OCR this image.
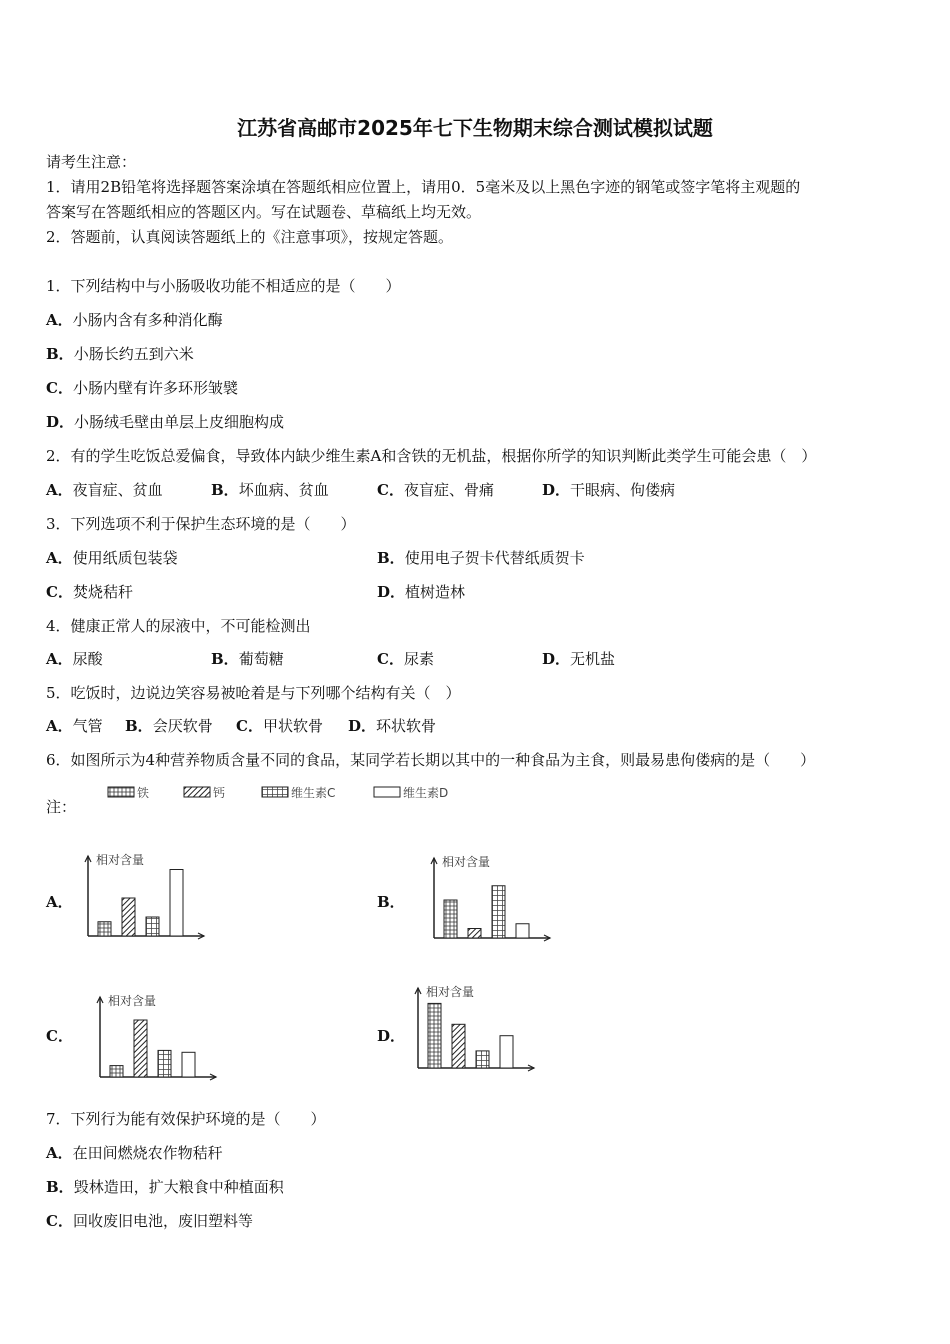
江苏省高邮市2025年七下生物期末综合测试模拟试题
请考生注意：
1．请用2B铅笔将选择题答案涂填在答题纸相应位置上，请用0．5毫米及以上黑色字迹的钢笔或签字笔将主观题的
答案写在答题纸相应的答题区内。写在试题卷、草稿纸上均无效。
2．答题前，认真阅读答题纸上的《注意事项》，按规定答题。
1．下列结构中与小肠吸收功能不相适应的是（　　）
A．小肠内含有多种消化酶
B．小肠长约五到六米
C．小肠内壁有许多环形皱襞
D．小肠绒毛壁由单层上皮细胞构成
2．有的学生吃饭总爱偏食，导致体内缺少维生素A和含铁的无机盐，根据你所学的知识判断此类学生可能会患（　）
A．夜盲症、贫血	B．坏血病、贫血	C．夜盲症、骨痛	D．干眼病、佝偻病
3．下列选项不利于保护生态环境的是（　　）
A．使用纸质包装袋	B．使用电子贺卡代替纸质贺卡
C．焚烧秸秆	D．植树造林
4．健康正常人的尿液中，不可能检测出
A．尿酸	B．葡萄糖	C．尿素	D．无机盐
5．吃饭时，边说边笑容易被呛着是与下列哪个结构有关（　）
A．气管 B．会厌软骨 C．甲状软骨 D．环状软骨
6．如图所示为4种营养物质含量不同的食品，某同学若长期以其中的一种食品为主食，则最易患佝偻病的是（　　）
注：
铁	钙	维生素C	维生素D
A．	B．
C．	D．
相对含量	相对含量
相对含量
相对含量
7．下列行为能有效保护环境的是（　　）
A．在田间燃烧农作物秸秆
B．毁林造田，扩大粮食中种植面积
C．回收废旧电池，废旧塑料等
